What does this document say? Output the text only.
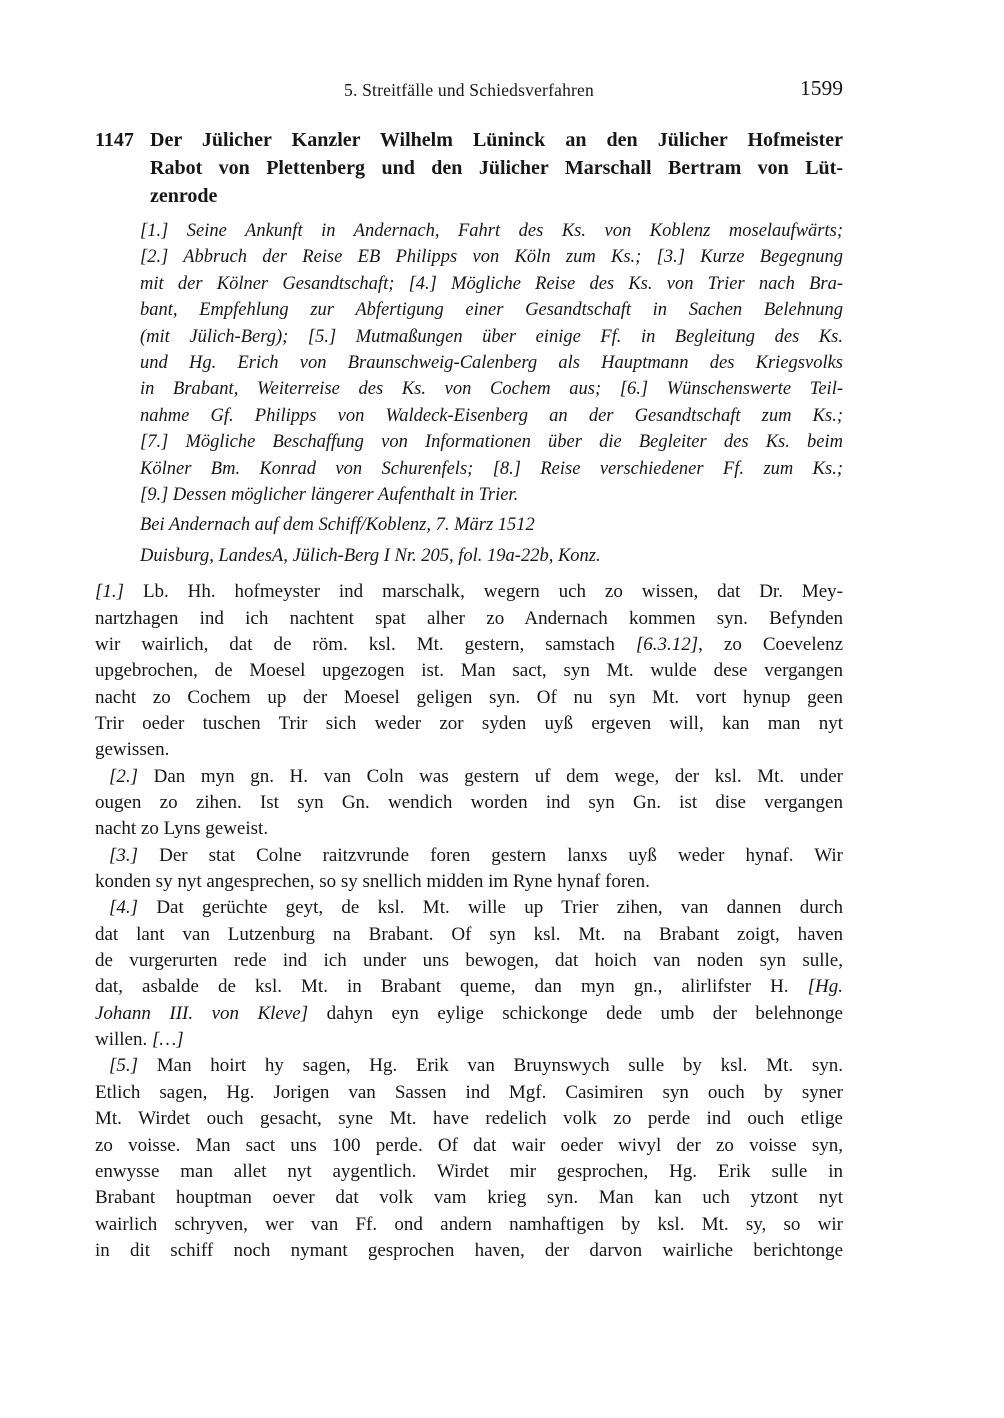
5. Streitfälle und Schiedsverfahren	1599
1147 Der Jülicher Kanzler Wilhelm Lüninck an den Jülicher Hofmeister
Rabot von Plettenberg und den Jülicher Marschall Bertram von Lüt-
zenrode
[1.] Seine Ankunft in Andernach, Fahrt des Ks. von Koblenz moselaufwärts;
[2.] Abbruch der Reise EB Philipps von Köln zum Ks.; [3.] Kurze Begegnung
mit der Kölner Gesandtschaft; [4.] Mögliche Reise des Ks. von Trier nach Bra-
bant, Empfehlung zur Abfertigung einer Gesandtschaft in Sachen Belehnung
(mit Jülich-Berg); [5.] Mutmaßungen über einige Ff. in Begleitung des Ks.
und Hg. Erich von Braunschweig-Calenberg als Hauptmann des Kriegsvolks
in Brabant, Weiterreise des Ks. von Cochem aus; [6.] Wünschenswerte Teil-
nahme Gf. Philipps von Waldeck-Eisenberg an der Gesandtschaft zum Ks.;
[7.] Mögliche Beschaffung von Informationen über die Begleiter des Ks. beim
Kölner Bm. Konrad von Schurenfels; [8.] Reise verschiedener Ff. zum Ks.;
[9.] Dessen möglicher längerer Aufenthalt in Trier.
Bei Andernach auf dem Schiff/Koblenz, 7. März 1512
Duisburg, LandesA, Jülich-Berg I Nr. 205, fol. 19a-22b, Konz.
[1.] Lb. Hh. hofmeyster ind marschalk, wegern uch zo wissen, dat Dr. Mey-
nartzhagen ind ich nachtent spat alher zo Andernach kommen syn. Befynden
wir wairlich, dat de röm. ksl. Mt. gestern, samstach [6.3.12], zo Coevelenz
upgebrochen, de Moesel upgezogen ist. Man sact, syn Mt. wulde dese vergangen
nacht zo Cochem up der Moesel geligen syn. Of nu syn Mt. vort hynup geen
Trir oeder tuschen Trir sich weder zor syden uyß ergeven will, kan man nyt
gewissen.
[2.] Dan myn gn. H. van Coln was gestern uf dem wege, der ksl. Mt. under
ougen zo zihen. Ist syn Gn. wendich worden ind syn Gn. ist dise vergangen
nacht zo Lyns geweist.
[3.] Der stat Colne raitzvrunde foren gestern lanxs uyß weder hynaf. Wir
konden sy nyt angesprechen, so sy snellich midden im Ryne hynaf foren.
[4.] Dat gerüchte geyt, de ksl. Mt. wille up Trier zihen, van dannen durch
dat lant van Lutzenburg na Brabant. Of syn ksl. Mt. na Brabant zoigt, haven
de vurgerurten rede ind ich under uns bewogen, dat hoich van noden syn sulle,
dat, asbalde de ksl. Mt. in Brabant queme, dan myn gn., alirlifster H. [Hg.
Johann III. von Kleve] dahyn eyn eylige schickonge dede umb der belehnonge
willen. […]
[5.] Man hoirt hy sagen, Hg. Erik van Bruynswych sulle by ksl. Mt. syn.
Etlich sagen, Hg. Jorigen van Sassen ind Mgf. Casimiren syn ouch by syner
Mt. Wirdet ouch gesacht, syne Mt. have redelich volk zo perde ind ouch etlige
zo voisse. Man sact uns 100 perde. Of dat wair oeder wivyl der zo voisse syn,
enwysse man allet nyt aygentlich. Wirdet mir gesprochen, Hg. Erik sulle in
Brabant houptman oever dat volk vam krieg syn. Man kan uch ytzont nyt
wairlich schryven, wer van Ff. ond andern namhaftigen by ksl. Mt. sy, so wir
in dit schiff noch nymant gesprochen haven, der darvon wairliche berichtonge
